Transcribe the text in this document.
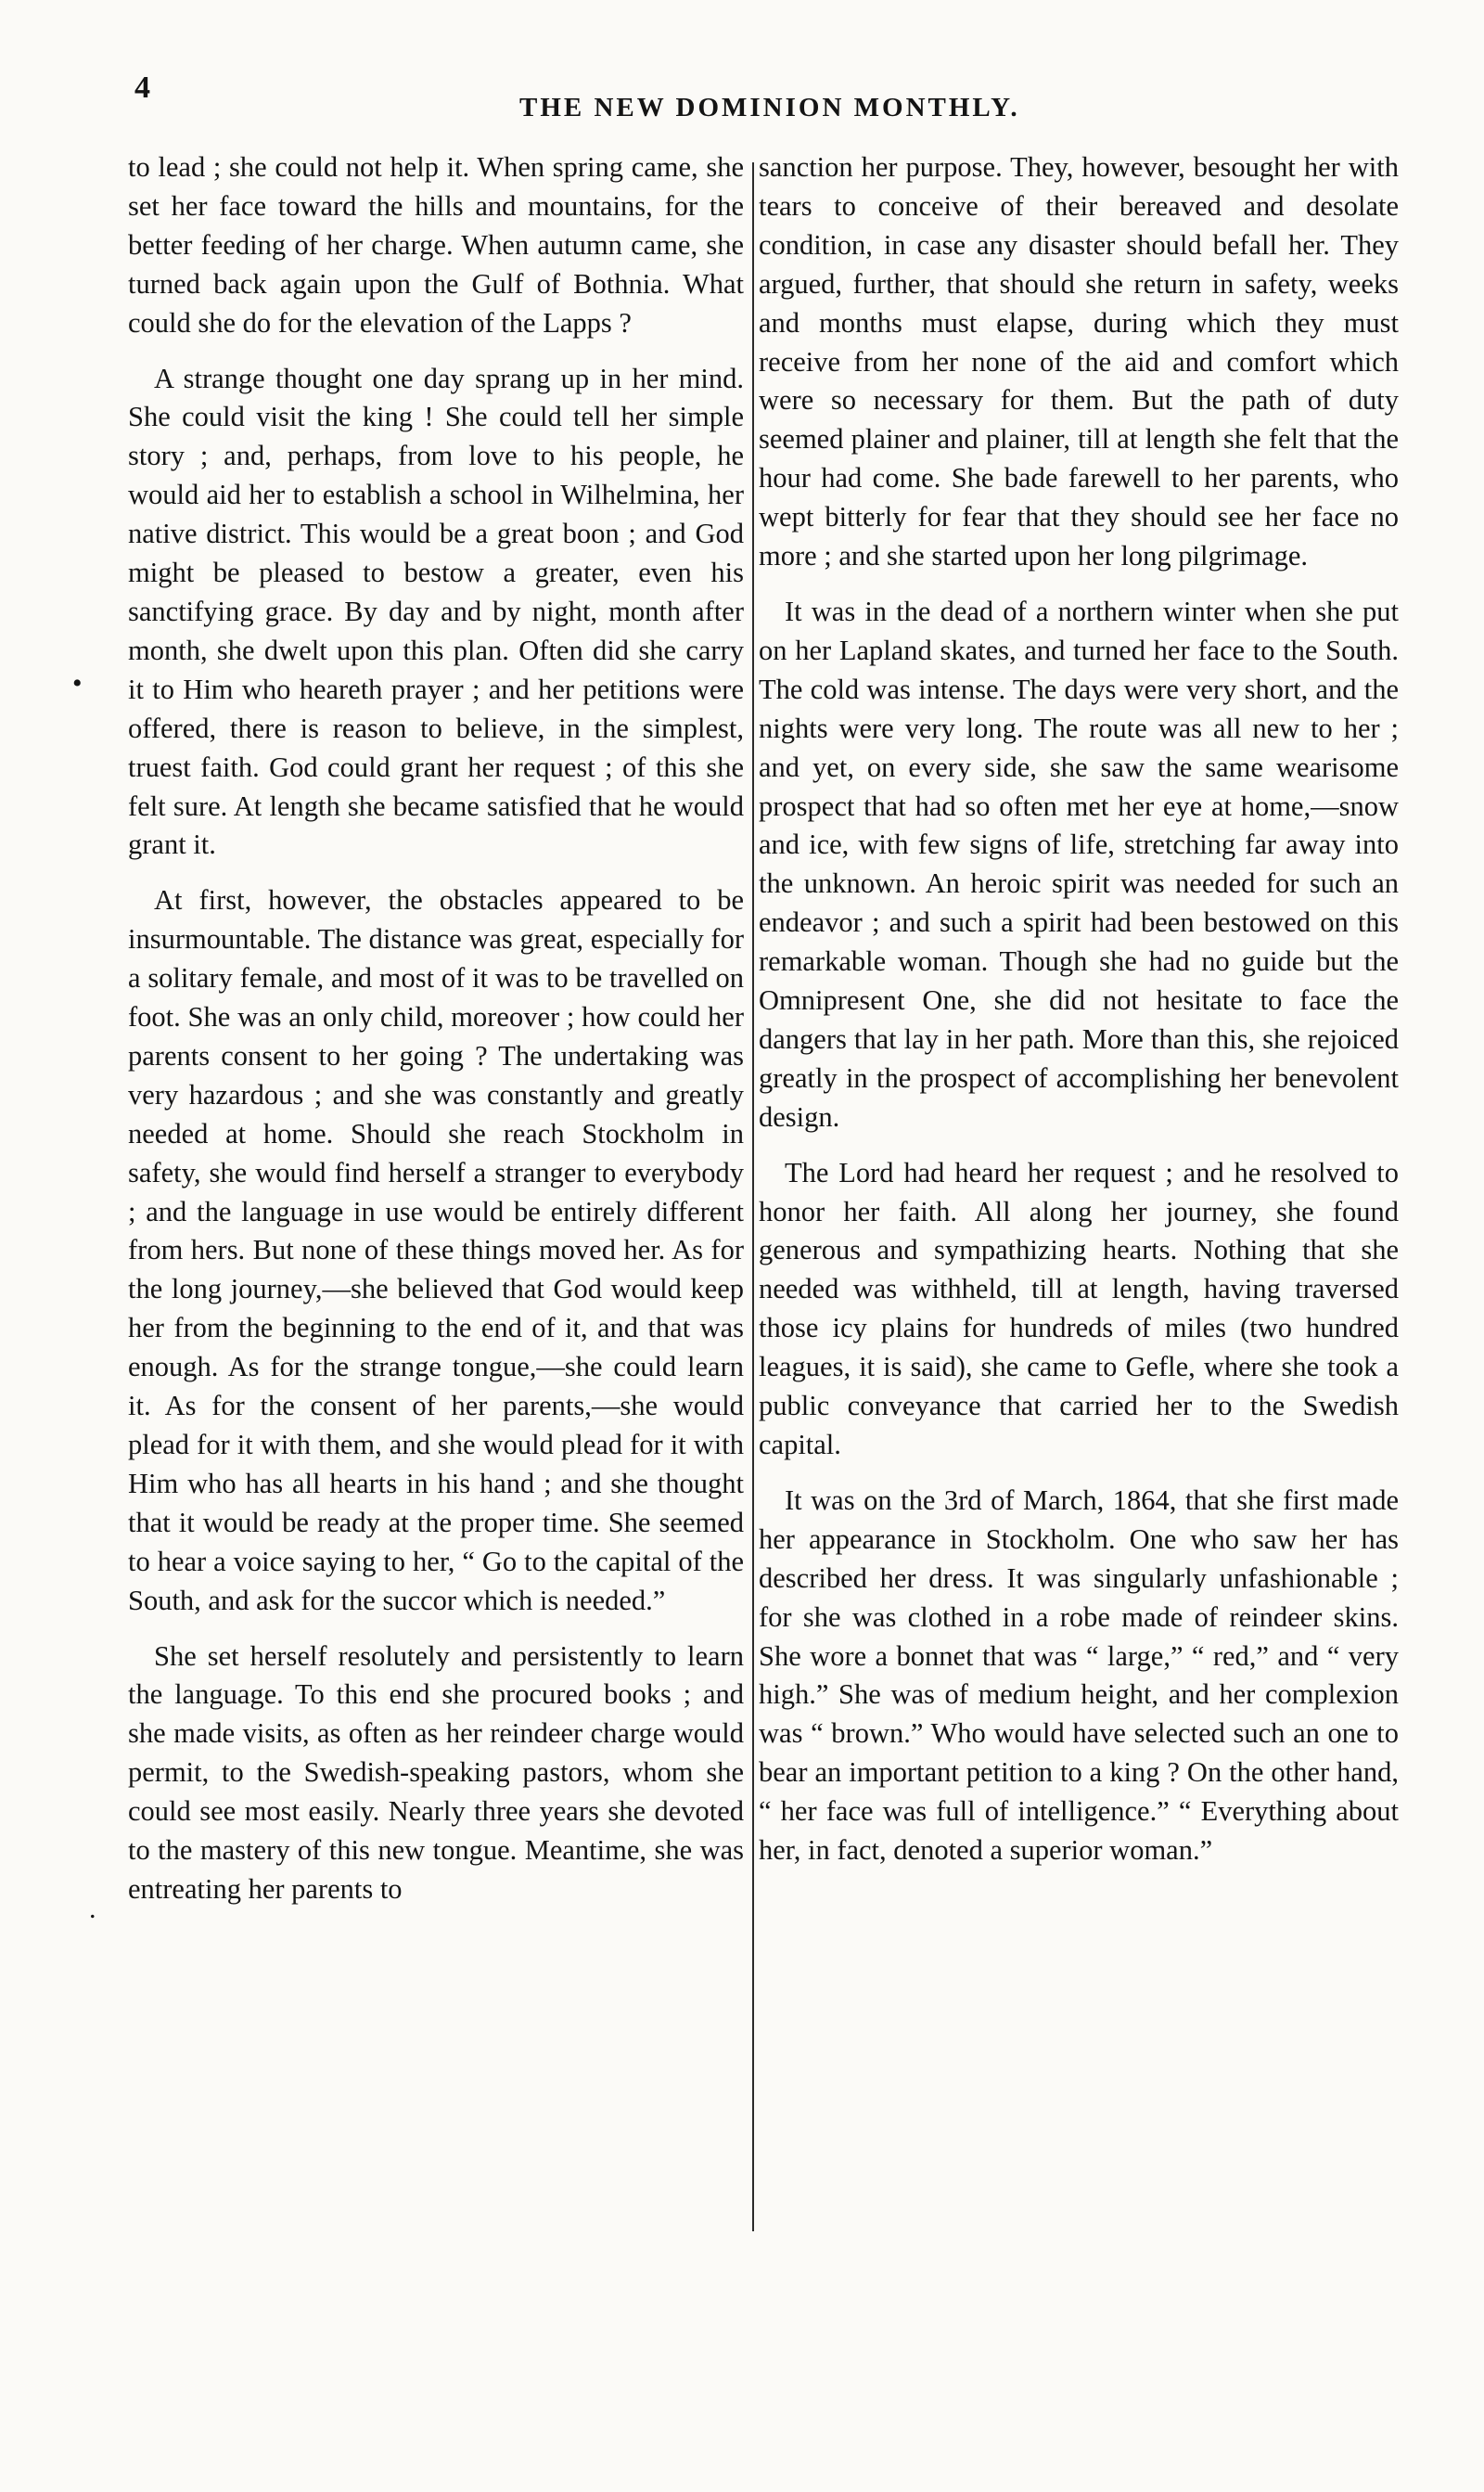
4
THE NEW DOMINION MONTHLY.
•
.

to lead ; she could not help it. When spring came, she set her face toward the hills and mountains, for the better feeding of her charge. When autumn came, she turned back again upon the Gulf of Bothnia. What could she do for the elevation of the Lapps ?

A strange thought one day sprang up in her mind. She could visit the king ! She could tell her simple story ; and, perhaps, from love to his people, he would aid her to establish a school in Wilhelmina, her native district. This would be a great boon ; and God might be pleased to bestow a greater, even his sanctifying grace. By day and by night, month after month, she dwelt upon this plan. Often did she carry it to Him who heareth prayer ; and her petitions were offered, there is reason to believe, in the simplest, truest faith. God could grant her request ; of this she felt sure. At length she became satisfied that he would grant it.

At first, however, the obstacles appeared to be insurmountable. The distance was great, especially for a solitary female, and most of it was to be travelled on foot. She was an only child, moreover ; how could her parents consent to her going ? The undertaking was very hazardous ; and she was constantly and greatly needed at home. Should she reach Stockholm in safety, she would find herself a stranger to everybody ; and the language in use would be entirely different from hers. But none of these things moved her. As for the long journey,—she believed that God would keep her from the beginning to the end of it, and that was enough. As for the strange tongue,—she could learn it. As for the consent of her parents,—she would plead for it with them, and she would plead for it with Him who has all hearts in his hand ; and she thought that it would be ready at the proper time. She seemed to hear a voice saying to her, “ Go to the capital of the South, and ask for the succor which is needed.”

She set herself resolutely and persistently to learn the language. To this end she procured books ; and she made visits, as often as her reindeer charge would permit, to the Swedish-speaking pastors, whom she could see most easily. Nearly three years she devoted to the mastery of this new tongue. Meantime, she was entreating her parents to

sanction her purpose. They, however, besought her with tears to conceive of their bereaved and desolate condition, in case any disaster should befall her. They argued, further, that should she return in safety, weeks and months must elapse, during which they must receive from her none of the aid and comfort which were so necessary for them. But the path of duty seemed plainer and plainer, till at length she felt that the hour had come. She bade farewell to her parents, who wept bitterly for fear that they should see her face no more ; and she started upon her long pilgrimage.

It was in the dead of a northern winter when she put on her Lapland skates, and turned her face to the South. The cold was intense. The days were very short, and the nights were very long. The route was all new to her ; and yet, on every side, she saw the same wearisome prospect that had so often met her eye at home,—snow and ice, with few signs of life, stretching far away into the unknown. An heroic spirit was needed for such an endeavor ; and such a spirit had been bestowed on this remarkable woman. Though she had no guide but the Omnipresent One, she did not hesitate to face the dangers that lay in her path. More than this, she rejoiced greatly in the prospect of accomplishing her benevolent design.

The Lord had heard her request ; and he resolved to honor her faith. All along her journey, she found generous and sympathizing hearts. Nothing that she needed was withheld, till at length, having traversed those icy plains for hundreds of miles (two hundred leagues, it is said), she came to Gefle, where she took a public conveyance that carried her to the Swedish capital.

It was on the 3rd of March, 1864, that she first made her appearance in Stockholm. One who saw her has described her dress. It was singularly unfashionable ; for she was clothed in a robe made of reindeer skins. She wore a bonnet that was “ large,” “ red,” and “ very high.” She was of medium height, and her complexion was “ brown.” Who would have selected such an one to bear an important petition to a king ? On the other hand, “ her face was full of intelligence.” “ Everything about her, in fact, denoted a superior woman.”
